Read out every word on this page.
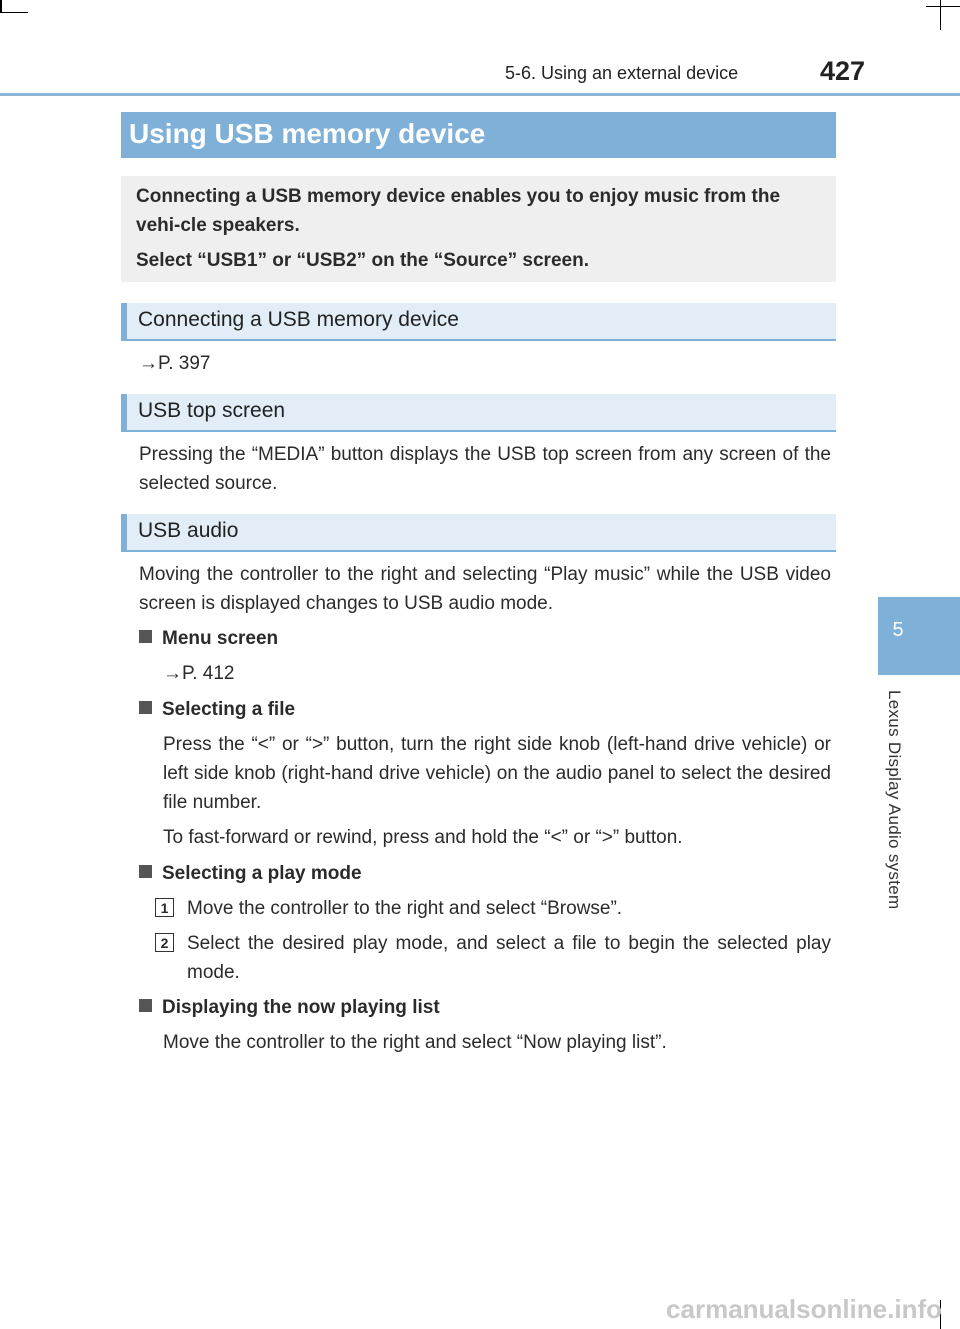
5-6. Using an external device	427
5
Lexus Display Audio system
Using USB memory device

Connecting a USB memory device enables you to enjoy music from the vehi-cle speakers.

Select “USB1” or “USB2” on the “Source” screen.

Connecting a USB memory device
→P. 397
USB top screen
Pressing the “MEDIA” button displays the USB top screen from any screen of the selected source.
USB audio
Moving the controller to the right and selecting “Play music” while the USB video screen is displayed changes to USB audio mode.
Menu screen
→P. 412
Selecting a file
Press the “<” or “>” button, turn the right side knob (left-hand drive vehicle) or left side knob (right-hand drive vehicle) on the audio panel to select the desired file number.
To fast-forward or rewind, press and hold the “<” or “>” button.
Selecting a play mode
1 Move the controller to the right and select “Browse”.
2 Select the desired play mode, and select a file to begin the selected play mode.
Displaying the now playing list
Move the controller to the right and select “Now playing list”.
carmanualsonline.info
